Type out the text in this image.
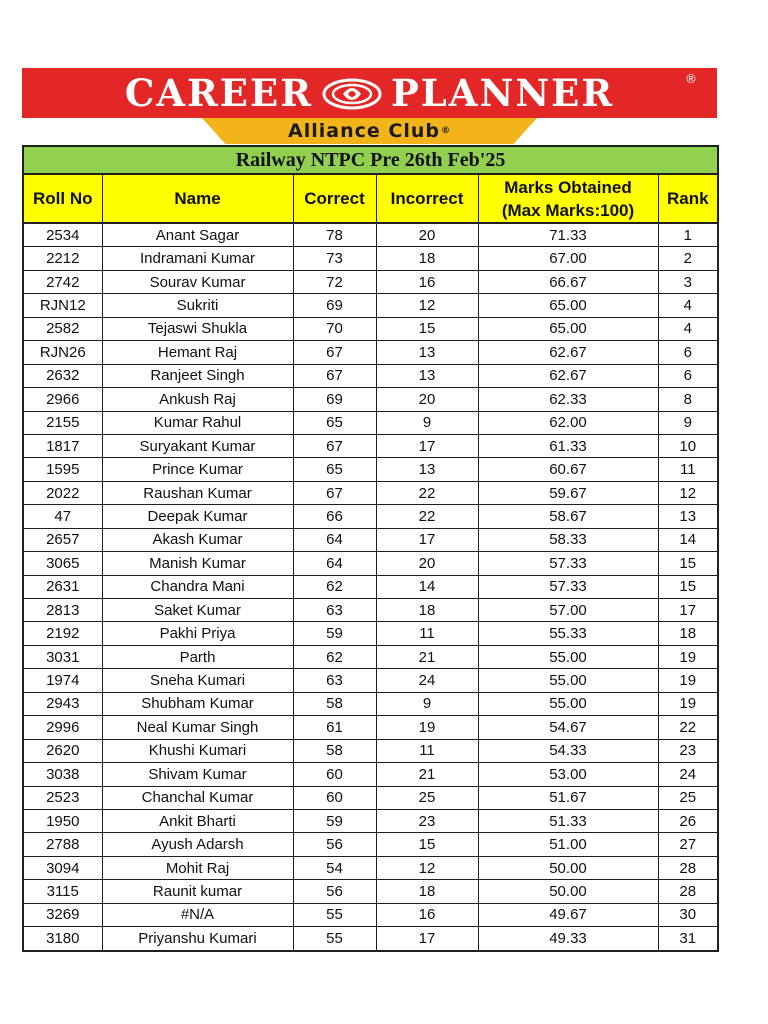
CAREER PLANNER	®
Alliance Club ®
Railway NTPC Pre 26th Feb'25					
Roll No	Name	Correct	Incorrect	Marks Obtained (Max Marks:100)	Rank
2534	Anant Sagar	78	20	71.33	1
2212	Indramani Kumar	73	18	67.00	2
2742	Sourav Kumar	72	16	66.67	3
RJN12	Sukriti	69	12	65.00	4
2582	Tejaswi Shukla	70	15	65.00	4
RJN26	Hemant Raj	67	13	62.67	6
2632	Ranjeet Singh	67	13	62.67	6
2966	Ankush Raj	69	20	62.33	8
2155	Kumar Rahul	65	9	62.00	9
1817	Suryakant Kumar	67	17	61.33	10
1595	Prince Kumar	65	13	60.67	11
2022	Raushan Kumar	67	22	59.67	12
47	Deepak Kumar	66	22	58.67	13
2657	Akash Kumar	64	17	58.33	14
3065	Manish Kumar	64	20	57.33	15
2631	Chandra Mani	62	14	57.33	15
2813	Saket Kumar	63	18	57.00	17
2192	Pakhi Priya	59	11	55.33	18
3031	Parth	62	21	55.00	19
1974	Sneha Kumari	63	24	55.00	19
2943	Shubham Kumar	58	9	55.00	19
2996	Neal Kumar Singh	61	19	54.67	22
2620	Khushi Kumari	58	11	54.33	23
3038	Shivam Kumar	60	21	53.00	24
2523	Chanchal Kumar	60	25	51.67	25
1950	Ankit Bharti	59	23	51.33	26
2788	Ayush Adarsh	56	15	51.00	27
3094	Mohit Raj	54	12	50.00	28
3115	Raunit kumar	56	18	50.00	28
3269	#N/A	55	16	49.67	30
3180	Priyanshu Kumari	55	17	49.33	31
